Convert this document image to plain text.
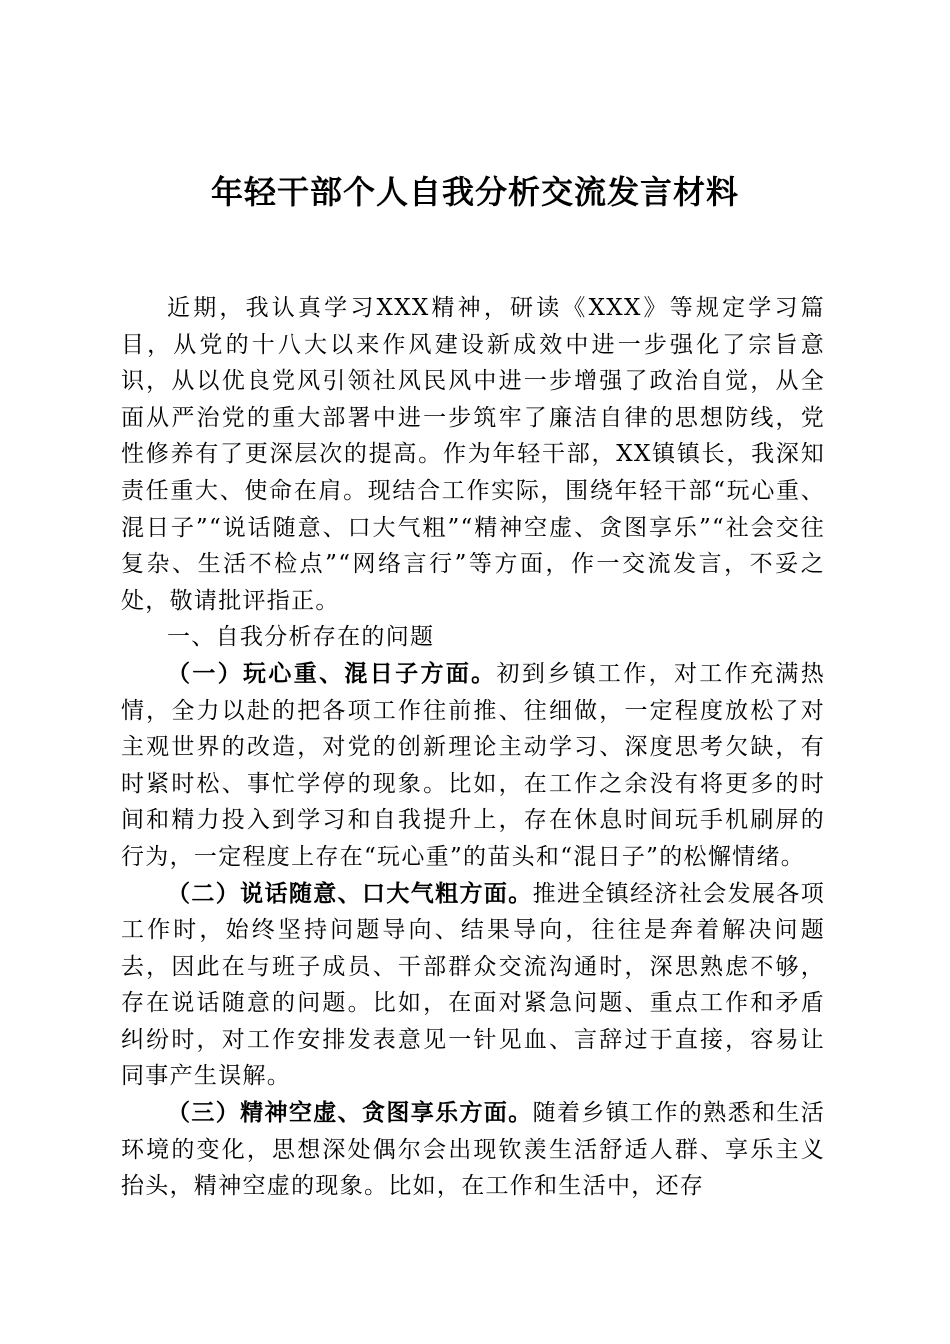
年轻干部个人自我分析交流发言材料

近期，我认真学习XXX精神，研读《XXX》等规定学习篇目，从党的十八大以来作风建设新成效中进一步强化了宗旨意识，从以优良党风引领社风民风中进一步增强了政治自觉，从全面从严治党的重大部署中进一步筑牢了廉洁自律的思想防线，党性修养有了更深层次的提高。作为年轻干部，XX镇镇长，我深知责任重大、使命在肩。现结合工作实际，围绕年轻干部“玩心重、混日子”“说话随意、口大气粗”“精神空虚、贪图享乐”“社会交往复杂、生活不检点”“网络言行”等方面，作一交流发言，不妥之处，敬请批评指正。

一、自我分析存在的问题

（一）玩心重、混日子方面。初到乡镇工作，对工作充满热情，全力以赴的把各项工作往前推、往细做，一定程度放松了对主观世界的改造，对党的创新理论主动学习、深度思考欠缺，有时紧时松、事忙学停的现象。比如，在工作之余没有将更多的时间和精力投入到学习和自我提升上，存在休息时间玩手机刷屏的行为，一定程度上存在“玩心重”的苗头和“混日子”的松懈情绪。

（二）说话随意、口大气粗方面。推进全镇经济社会发展各项工作时，始终坚持问题导向、结果导向，往往是奔着解决问题去，因此在与班子成员、干部群众交流沟通时，深思熟虑不够，存在说话随意的问题。比如，在面对紧急问题、重点工作和矛盾纠纷时，对工作安排发表意见一针见血、言辞过于直接，容易让同事产生误解。

（三）精神空虚、贪图享乐方面。随着乡镇工作的熟悉和生活环境的变化，思想深处偶尔会出现钦羡生活舒适人群、享乐主义抬头，精神空虚的现象。比如，在工作和生活中，还存
